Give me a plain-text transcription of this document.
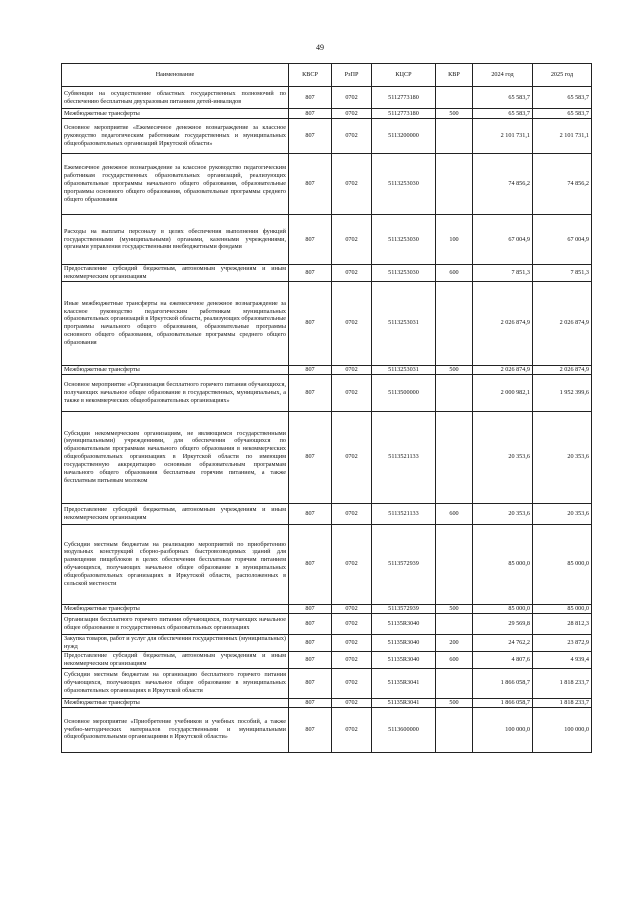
49
Наименование	КВСР	РзПР	КЦСР	КВР	2024 год	2025 год
Субвенции на осуществление областных государственных полномочий по обеспечению бесплатным двухразовым питанием детей-инвалидов	807	0702	5112773180		65 583,7	65 583,7
Межбюджетные трансферты	807	0702	5112773180	500	65 583,7	65 583,7
Основное мероприятие «Ежемесячное денежное вознаграждение за классное руководство педагогическим работникам государственных и муниципальных общеобразовательных организаций Иркутской области»	807	0702	5113200000		2 101 731,1	2 101 731,1
Ежемесячное денежное вознаграждение за классное руководство педагогическим работникам государственных образовательных организаций, реализующих образовательные программы начального общего образования, образовательные программы основного общего образования, образовательные программы среднего общего образования	807	0702	5113253030		74 856,2	74 856,2
Расходы на выплаты персоналу в целях обеспечения выполнения функций государственными (муниципальными) органами, казенными учреждениями, органами управления государственными внебюджетными фондами	807	0702	5113253030	100	67 004,9	67 004,9
Предоставление субсидий бюджетным, автономным учреждениям и иным некоммерческим организациям	807	0702	5113253030	600	7 851,3	7 851,3
Иные межбюджетные трансферты на ежемесячное денежное вознаграждение за классное руководство педагогическим работникам муниципальных образовательных организаций в Иркутской области, реализующих образовательные программы начального общего образования, образовательные программы основного общего образования, образовательные программы среднего общего образования	807	0702	5113253031		2 026 874,9	2 026 874,9
Межбюджетные трансферты	807	0702	5113253031	500	2 026 874,9	2 026 874,9
Основное мероприятие «Организация бесплатного горячего питания обучающихся, получающих начальное общее образование в государственных, муниципальных, а также в некоммерческих общеобразовательных организациях»	807	0702	5113500000		2 000 982,1	1 952 399,6
Субсидии некоммерческим организациям, не являющимся государственными (муниципальными) учреждениями, для обеспечения обучающихся по образовательным программам начального общего образования в некоммерческих общеобразовательных организациях в Иркутской области по имеющим государственную аккредитацию основным образовательным программам начального общего образования бесплатным горячим питанием, а также бесплатным питьевым молоком	807	0702	5113521133		20 353,6	20 353,6
Предоставление субсидий бюджетным, автономным учреждениям и иным некоммерческим организациям	807	0702	5113521133	600	20 353,6	20 353,6
Субсидии местным бюджетам на реализацию мероприятий по приобретению модульных конструкций сборно-разборных быстровозводимых зданий для размещения пищеблоков в целях обеспечения бесплатным горячим питанием обучающихся, получающих начальное общее образование в муниципальных общеобразовательных организациях в Иркутской области, расположенных в сельской местности	807	0702	5113572939		85 000,0	85 000,0
Межбюджетные трансферты	807	0702	5113572939	500	85 000,0	85 000,0
Организация бесплатного горячего питания обучающихся, получающих начальное общее образование в государственных образовательных организациях	807	0702	51135R3040		29 569,8	28 812,3
Закупка товаров, работ и услуг для обеспечения государственных (муниципальных) нужд	807	0702	51135R3040	200	24 762,2	23 872,9
Предоставление субсидий бюджетным, автономным учреждениям и иным некоммерческим организациям	807	0702	51135R3040	600	4 807,6	4 939,4
Субсидии местным бюджетам на организацию бесплатного горячего питания обучающихся, получающих начальное общее образование в муниципальных образовательных организациях в Иркутской области	807	0702	51135R3041		1 866 058,7	1 818 233,7
Межбюджетные трансферты	807	0702	51135R3041	500	1 866 058,7	1 818 233,7
Основное мероприятие «Приобретение учебников и учебных пособий, а также учебно-методических материалов государственными и муниципальными общеобразовательными организациями в Иркутской области»	807	0702	5113600000		100 000,0	100 000,0
